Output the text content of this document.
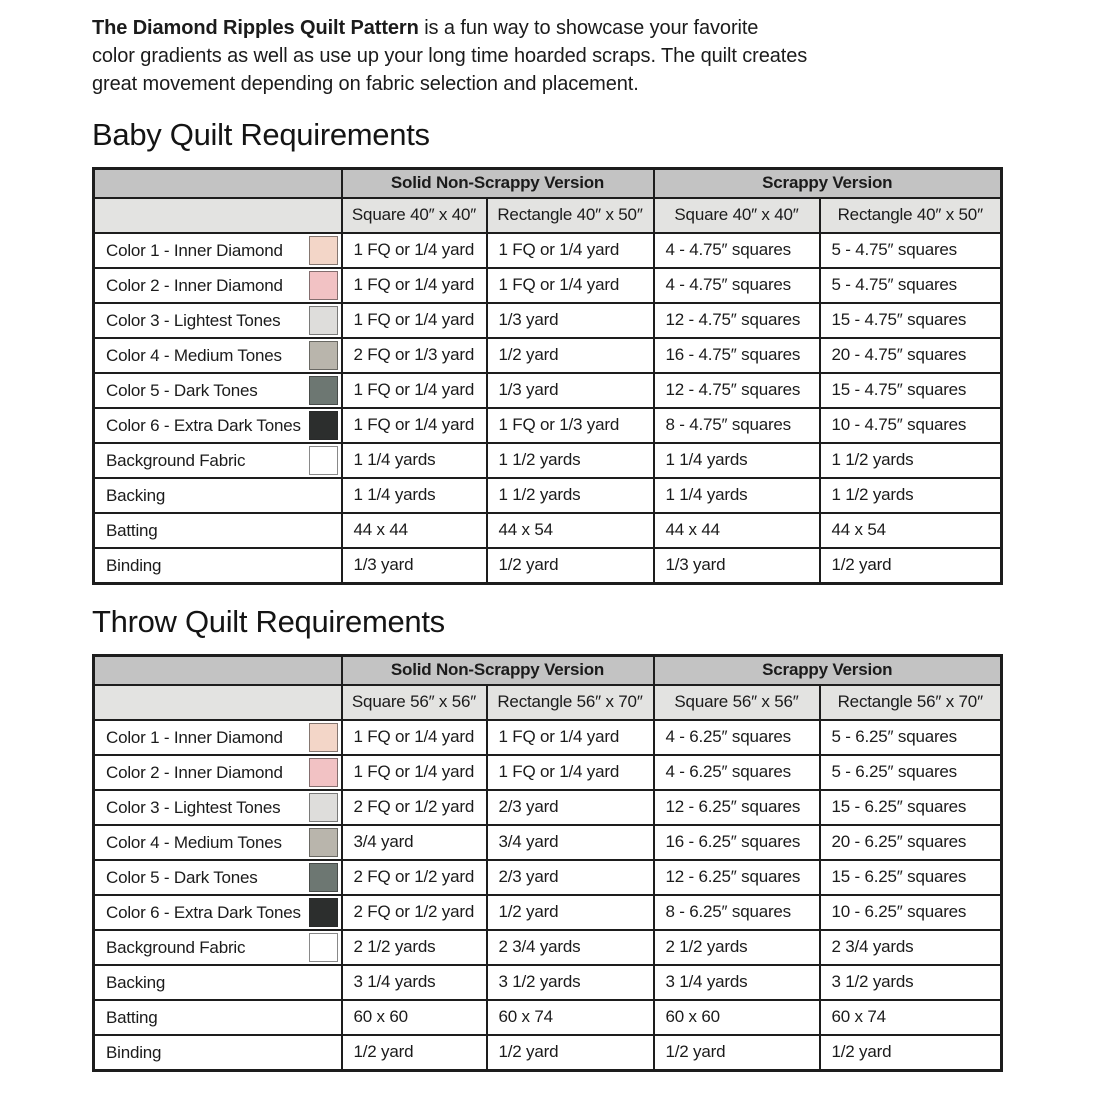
The Diamond Ripples Quilt Pattern is a fun way to showcase your favorite
color gradients as well as use up your long time hoarded scraps. The quilt creates
great movement depending on fabric selection and placement.

Baby Quilt Requirements
	Solid Non-Scrappy Version		Scrappy Version	
	Square 40″ x 40″	Rectangle 40″ x 50″	Square 40″ x 40″	Rectangle 40″ x 50″

Color 1 - Inner Diamond	1 FQ or 1/4 yard	1 FQ or 1/4 yard	4 - 4.75″ squares	5 - 4.75″ squares

Color 2 - Inner Diamond	1 FQ or 1/4 yard	1 FQ or 1/4 yard	4 - 4.75″ squares	5 - 4.75″ squares

Color 3 - Lightest Tones	1 FQ or 1/4 yard	1/3 yard	12 - 4.75″ squares	15 - 4.75″ squares

Color 4 - Medium Tones	2 FQ or 1/3 yard	1/2 yard	16 - 4.75″ squares	20 - 4.75″ squares

Color 5 - Dark Tones	1 FQ or 1/4 yard	1/3 yard	12 - 4.75″ squares	15 - 4.75″ squares

Color 6 - Extra Dark Tones	1 FQ or 1/4 yard	1 FQ or 1/3 yard	8 - 4.75″ squares	10 - 4.75″ squares

Background Fabric	1 1/4 yards	1 1/2 yards	1 1/4 yards	1 1/2 yards

Backing	1 1/4 yards	1 1/2 yards	1 1/4 yards	1 1/2 yards

Batting	44 x 44	44 x 54	44 x 44	44 x 54

Binding	1/3 yard	1/2 yard	1/3 yard	1/2 yard
Throw Quilt Requirements
	Solid Non-Scrappy Version		Scrappy Version	
	Square 56″ x 56″	Rectangle 56″ x 70″	Square 56″ x 56″	Rectangle 56″ x 70″

Color 1 - Inner Diamond	1 FQ or 1/4 yard	1 FQ or 1/4 yard	4 - 6.25″ squares	5 - 6.25″ squares

Color 2 - Inner Diamond	1 FQ or 1/4 yard	1 FQ or 1/4 yard	4 - 6.25″ squares	5 - 6.25″ squares

Color 3 - Lightest Tones	2 FQ or 1/2 yard	2/3 yard	12 - 6.25″ squares	15 - 6.25″ squares

Color 4 - Medium Tones	3/4 yard	3/4 yard	16 - 6.25″ squares	20 - 6.25″ squares

Color 5 - Dark Tones	2 FQ or 1/2 yard	2/3 yard	12 - 6.25″ squares	15 - 6.25″ squares

Color 6 - Extra Dark Tones	2 FQ or 1/2 yard	1/2 yard	8 - 6.25″ squares	10 - 6.25″ squares

Background Fabric	2 1/2 yards	2 3/4 yards	2 1/2 yards	2 3/4 yards

Backing	3 1/4 yards	3 1/2 yards	3 1/4 yards	3 1/2 yards

Batting	60 x 60	60 x 74	60 x 60	60 x 74

Binding	1/2 yard	1/2 yard	1/2 yard	1/2 yard
